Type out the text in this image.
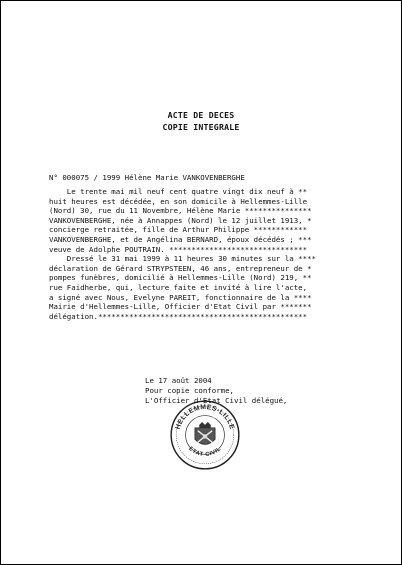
ACTE DE DECES
COPIE INTEGRALE
N° 000075 / 1999 Hélène Marie VANKOVENBERGHE
Le trente mai mil neuf cent quatre vingt dix neuf à **
huit heures est décédée, en son domicile à Hellemmes-Lille
(Nord) 30, rue du 11 Novembre, Hélène Marie ***************
VANKOVENBERGHE, née à Annappes (Nord) le 12 juillet 1913, *
concierge retraitée, fille de Arthur Philippe ************
VANKOVENBERGHE, et de Angélina BERNARD, époux décédés ; ***
veuve de Adolphe POUTRAIN. *******************************
Dressé le 31 mai 1999 à 11 heures 30 minutes sur la ****
déclaration de Gérard STRYPSTEEN, 46 ans, entrepreneur de *
pompes funèbres, domicilié à Hellemmes-Lille (Nord) 219, **
rue Faidherbe, qui, lecture faite et invité à lire l'acte,
a signé avec Nous, Evelyne PAREIT, fonctionnaire de la ****
Mairie d'Hellemmes-Lille, Officier d'Etat Civil par *******
délégation.***********************************************
Le 17 août 2004
Pour copie conforme,
L'Officier d'Etat Civil délégué,
HELLEMMES-LILLE
ETAT CIVIL
